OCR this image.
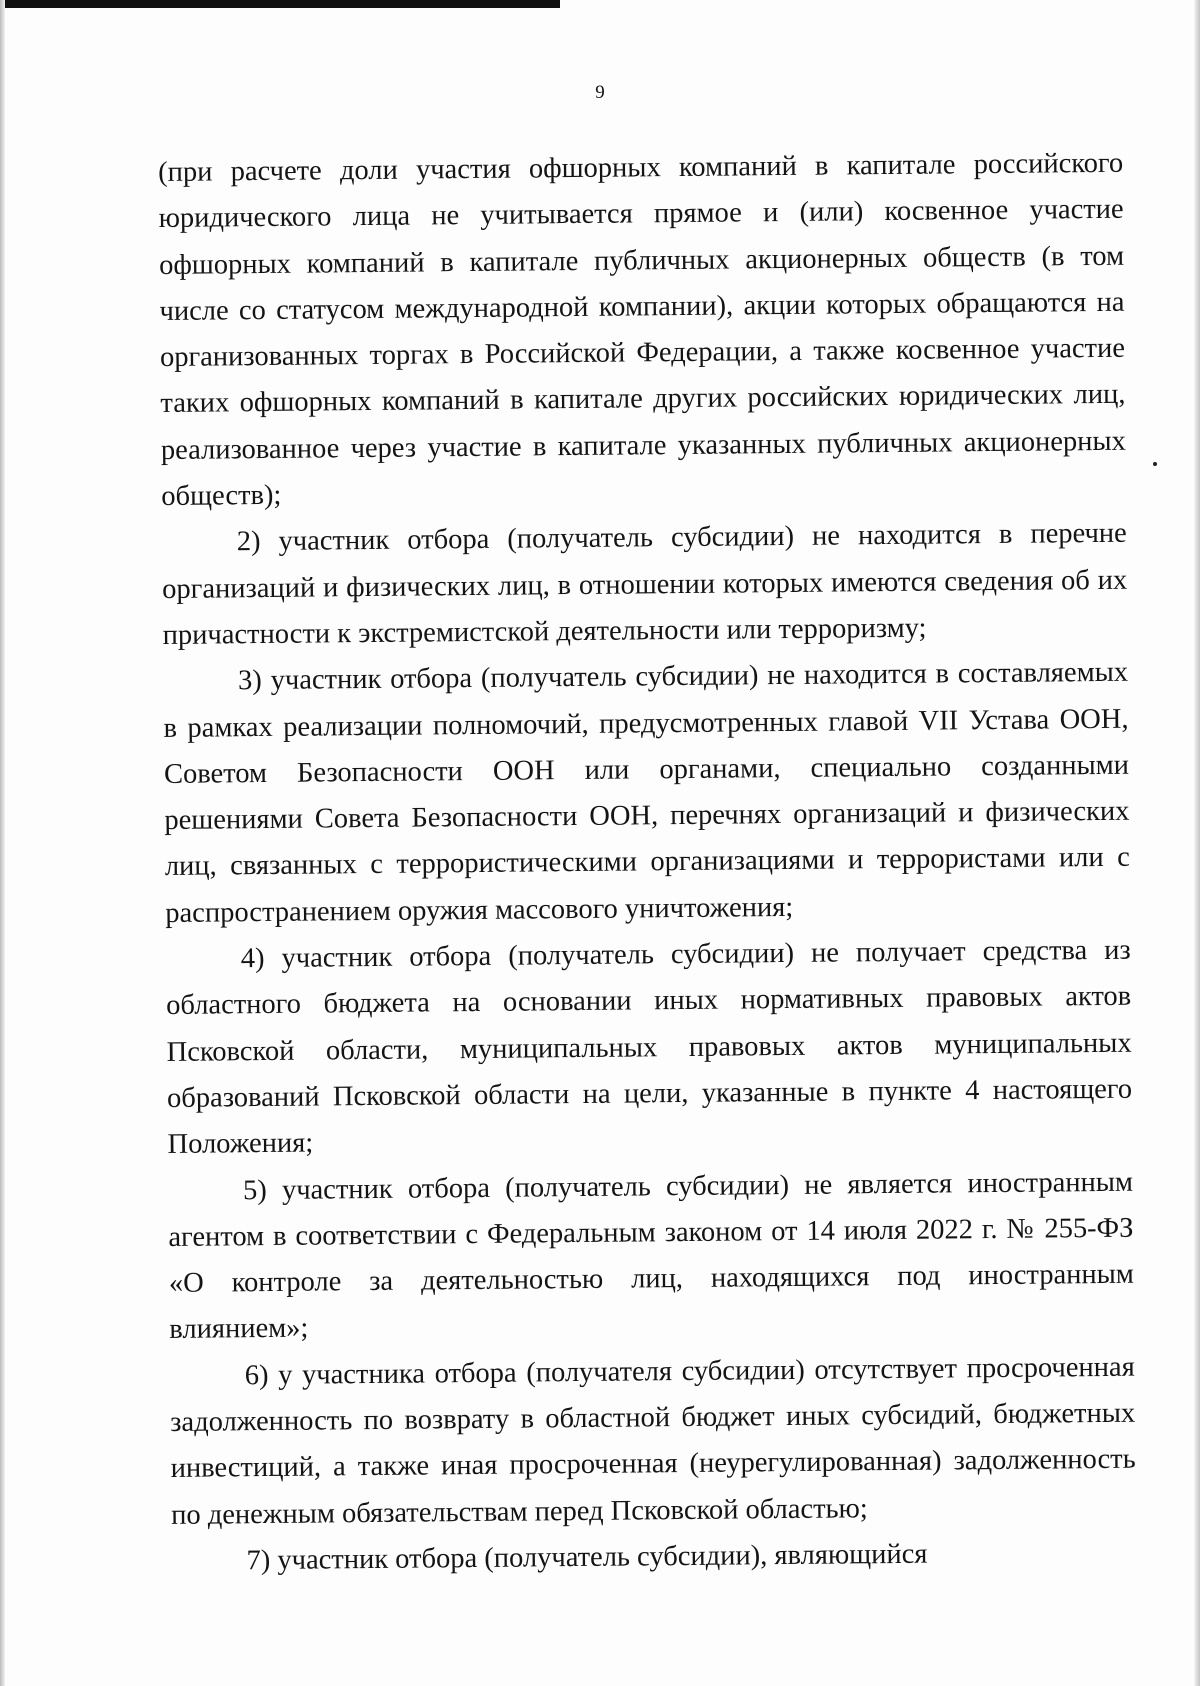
9

(при расчете доли участия офшорных компаний в капитале российского юридического лица не учитывается прямое и (или) косвенное участие офшорных компаний в капитале публичных акционерных обществ (в том числе со статусом международной компании), акции которых обращаются на организованных торгах в Российской Федерации, а также косвенное участие таких офшорных компаний в капитале других российских юридических лиц, реализованное через участие в капитале указанных публичных акционерных обществ);

2) участник отбора (получатель субсидии) не находится в перечне организаций и физических лиц, в отношении которых имеются сведения об их причастности к экстремистской деятельности или терроризму;

3) участник отбора (получатель субсидии) не находится в составляемых в рамках реализации полномочий, предусмотренных главой VII Устава ООН, Советом Безопасности ООН или органами, специально созданными решениями Совета Безопасности ООН, перечнях организаций и физических лиц, связанных с террористическими организациями и террористами или с распространением оружия массового уничтожения;

4) участник отбора (получатель субсидии) не получает средства из областного бюджета на основании иных нормативных правовых актов Псковской области, муниципальных правовых актов муниципальных образований Псковской области на цели, указанные в пункте 4 настоящего Положения;

5) участник отбора (получатель субсидии) не является иностранным агентом в соответствии с Федеральным законом от 14 июля 2022 г. № 255-ФЗ «О контроле за деятельностью лиц, находящихся под иностранным влиянием»;

6) у участника отбора (получателя субсидии) отсутствует просроченная задолженность по возврату в областной бюджет иных субсидий, бюджетных инвестиций, а также иная просроченная (неурегулированная) задолженность по денежным обязательствам перед Псковской областью;

7) участник отбора (получатель субсидии), являющийся
